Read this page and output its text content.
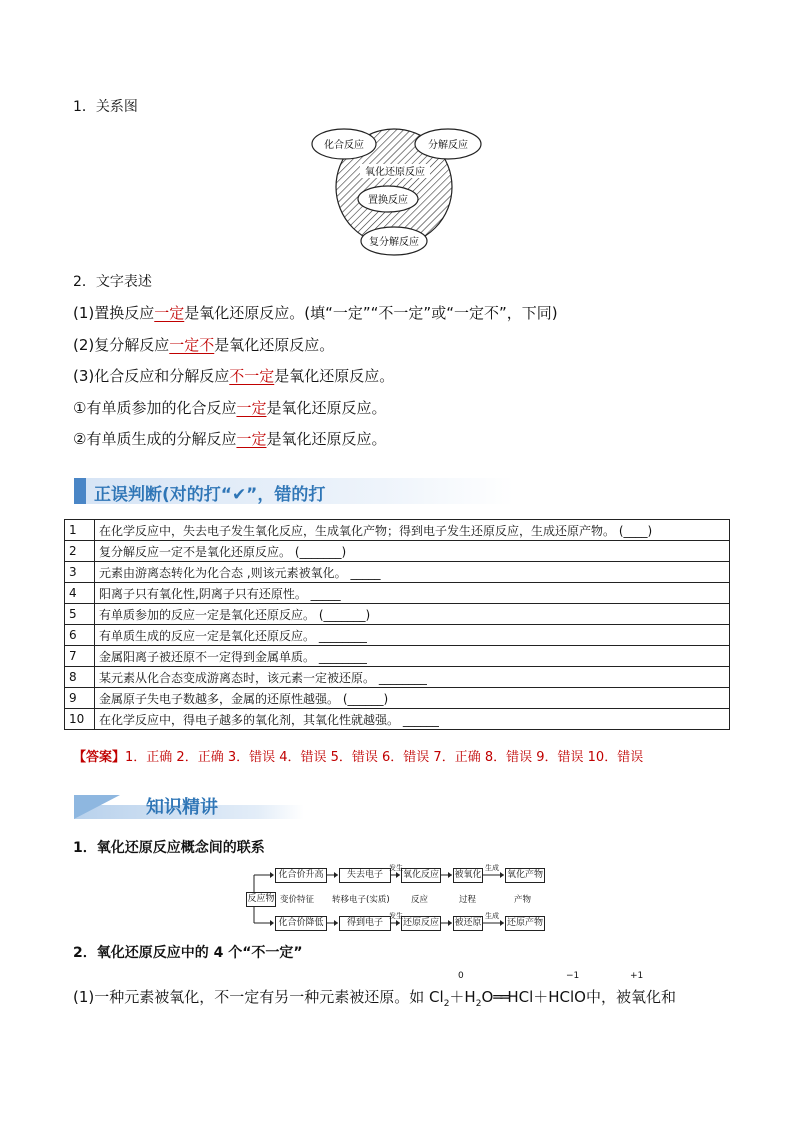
1．关系图
化合反应	分解反应
氧化还原反应
置换反应
复分解反应
2．文字表述
(1)置换反应一定是氧化还原反应。(填“一定”“不一定”或“一定不”，下同)
(2)复分解反应一定不是氧化还原反应。
(3)化合反应和分解反应不一定是氧化还原反应。
①有单质参加的化合反应一定是氧化还原反应。
②有单质生成的分解反应一定是氧化还原反应。
正误判断(对的打“✔”，错的打
1	在化学反应中，失去电子发生氧化反应，生成氧化产物；得到电子发生还原反应，生成还原产物。 (____)
2	复分解反应一定不是氧化还原反应。 (_______)
3	元素由游离态转化为化合态 ,则该元素被氧化。 _____
4	阳离子只有氧化性,阴离子只有还原性。 _____
5	有单质参加的反应一定是氧化还原反应。 (_______)
6	有单质生成的反应一定是氧化还原反应。 ________
7	金属阳离子被还原不一定得到金属单质。 ________
8	某元素从化合态变成游离态时，该元素一定被还原。 ________
9	金属原子失电子数越多，金属的还原性越强。 (______)
10	在化学反应中，得电子越多的氧化剂，其氧化性就越强。 ______
【答案】1．正确 2．正确 3．错误 4．错误 5．错误 6．错误 7．正确 8．错误 9．错误 10．错误
知识精讲
1．氧化还原反应概念间的联系
反应物
化合价升高	失去电子	氧化反应 被氧化	氧化产物
化合价降低	得到电子	还原反应 被还原	还原产物
变价特征 转移电子(实质)	反应	过程	产物
发生
发生
生成
生成
2．氧化还原反应中的 4 个“不一定”
0	−1	+1
(1)一种元素被氧化，不一定有另一种元素被还原。如 $Cl_2+H_2O══HCl+HClO$中，被氧化和
